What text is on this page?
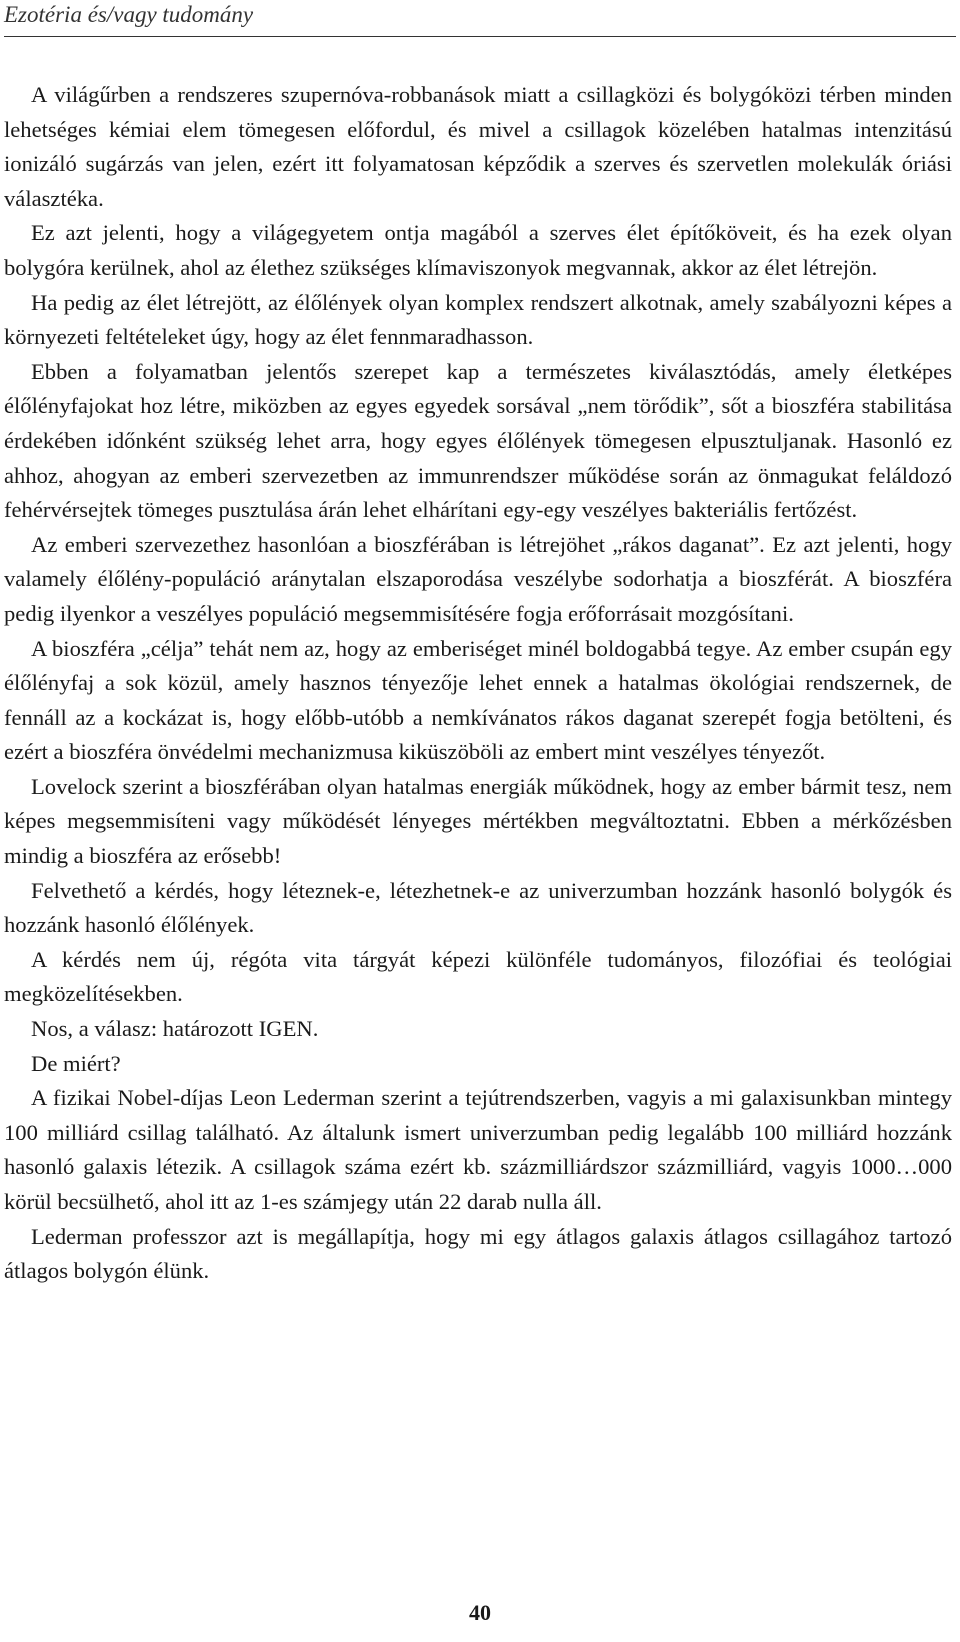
Ezotéria és/vagy tudomány

A világűrben a rendszeres szupernóva-robbanások miatt a csillagközi és bolygóközi térben minden lehetséges kémiai elem tömegesen előfordul, és mivel a csillagok közelében hatalmas intenzitású ionizáló sugárzás van jelen, ezért itt folyamatosan képződik a szerves és szervetlen molekulák óriási választéka.

Ez azt jelenti, hogy a világegyetem ontja magából a szerves élet építőköveit, és ha ezek olyan bolygóra kerülnek, ahol az élethez szükséges klímaviszonyok megvannak, akkor az élet létrejön.

Ha pedig az élet létrejött, az élőlények olyan komplex rendszert alkotnak, amely szabályozni képes a környezeti feltételeket úgy, hogy az élet fennmaradhasson.

Ebben a folyamatban jelentős szerepet kap a természetes kiválasztódás, amely életképes élőlényfajokat hoz létre, miközben az egyes egyedek sorsával „nem törődik”, sőt a bioszféra stabilitása érdekében időnként szükség lehet arra, hogy egyes élőlények tömegesen elpusztuljanak. Hasonló ez ahhoz, ahogyan az emberi szervezetben az immunrendszer működése során az önmagukat feláldozó fehérvérsejtek tömeges pusztulása árán lehet elhárítani egy-egy veszélyes bakteriális fertőzést.

Az emberi szervezethez hasonlóan a bioszférában is létrejöhet „rákos daganat”. Ez azt jelenti, hogy valamely élőlény-populáció aránytalan elszaporodása veszélybe sodorhatja a bioszférát. A bioszféra pedig ilyenkor a veszélyes populáció megsemmisítésére fogja erőforrásait mozgósítani.

A bioszféra „célja” tehát nem az, hogy az emberiséget minél boldogabbá tegye. Az ember csupán egy élőlényfaj a sok közül, amely hasznos tényezője lehet ennek a hatalmas ökológiai rendszernek, de fennáll az a kockázat is, hogy előbb-utóbb a nemkívánatos rákos daganat szerepét fogja betölteni, és ezért a bioszféra önvédelmi mechanizmusa kiküszöböli az embert mint veszélyes tényezőt.

Lovelock szerint a bioszférában olyan hatalmas energiák működnek, hogy az ember bármit tesz, nem képes megsemmisíteni vagy működését lényeges mértékben megváltoztatni. Ebben a mérkőzésben mindig a bioszféra az erősebb!

Felvethető a kérdés, hogy léteznek-e, létezhetnek-e az univerzumban hozzánk hasonló bolygók és hozzánk hasonló élőlények.

A kérdés nem új, régóta vita tárgyát képezi különféle tudományos, filozófiai és teológiai megközelítésekben.

Nos, a válasz: határozott IGEN.

De miért?

A fizikai Nobel-díjas Leon Lederman szerint a tejútrendszerben, vagyis a mi galaxisunkban mintegy 100 milliárd csillag található. Az általunk ismert univerzumban pedig legalább 100 milliárd hozzánk hasonló galaxis létezik. A csillagok száma ezért kb. százmilliárdszor százmilliárd, vagyis 1000…000 körül becsülhető, ahol itt az 1-es számjegy után 22 darab nulla áll.

Lederman professzor azt is megállapítja, hogy mi egy átlagos galaxis átlagos csillagához tartozó átlagos bolygón élünk.

40
